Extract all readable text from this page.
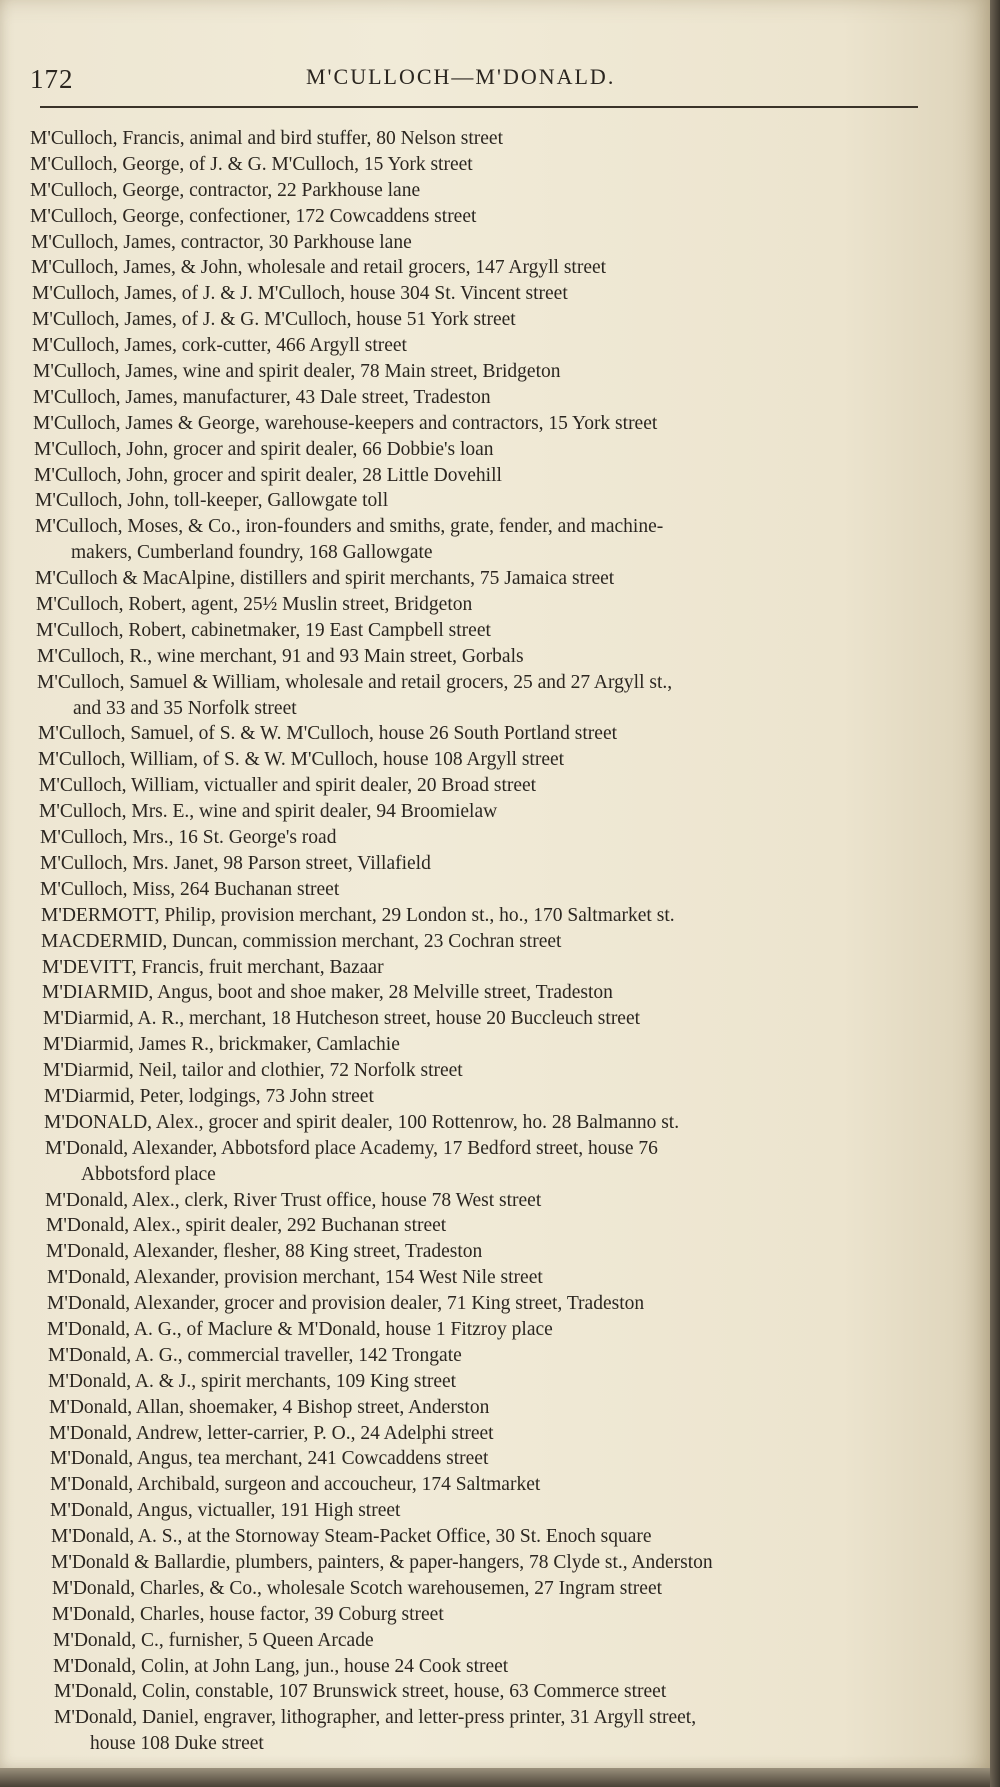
172	M'CULLOCH—M'DONALD.
M'Culloch, Francis, animal and bird stuffer, 80 Nelson street
M'Culloch, George, of J. & G. M'Culloch, 15 York street
M'Culloch, George, contractor, 22 Parkhouse lane
M'Culloch, George, confectioner, 172 Cowcaddens street
M'Culloch, James, contractor, 30 Parkhouse lane
M'Culloch, James, & John, wholesale and retail grocers, 147 Argyll street
M'Culloch, James, of J. & J. M'Culloch, house 304 St. Vincent street
M'Culloch, James, of J. & G. M'Culloch, house 51 York street
M'Culloch, James, cork-cutter, 466 Argyll street
M'Culloch, James, wine and spirit dealer, 78 Main street, Bridgeton
M'Culloch, James, manufacturer, 43 Dale street, Tradeston
M'Culloch, James & George, warehouse-keepers and contractors, 15 York street
M'Culloch, John, grocer and spirit dealer, 66 Dobbie's loan
M'Culloch, John, grocer and spirit dealer, 28 Little Dovehill
M'Culloch, John, toll-keeper, Gallowgate toll
M'Culloch, Moses, & Co., iron-founders and smiths, grate, fender, and machine-
makers, Cumberland foundry, 168 Gallowgate
M'Culloch & MacAlpine, distillers and spirit merchants, 75 Jamaica street
M'Culloch, Robert, agent, 25½ Muslin street, Bridgeton
M'Culloch, Robert, cabinetmaker, 19 East Campbell street
M'Culloch, R., wine merchant, 91 and 93 Main street, Gorbals
M'Culloch, Samuel & William, wholesale and retail grocers, 25 and 27 Argyll st.,
and 33 and 35 Norfolk street
M'Culloch, Samuel, of S. & W. M'Culloch, house 26 South Portland street
M'Culloch, William, of S. & W. M'Culloch, house 108 Argyll street
M'Culloch, William, victualler and spirit dealer, 20 Broad street
M'Culloch, Mrs. E., wine and spirit dealer, 94 Broomielaw
M'Culloch, Mrs., 16 St. George's road
M'Culloch, Mrs. Janet, 98 Parson street, Villafield
M'Culloch, Miss, 264 Buchanan street
M'DERMOTT, Philip, provision merchant, 29 London st., ho., 170 Saltmarket st.
MACDERMID, Duncan, commission merchant, 23 Cochran street
M'DEVITT, Francis, fruit merchant, Bazaar
M'DIARMID, Angus, boot and shoe maker, 28 Melville street, Tradeston
M'Diarmid, A. R., merchant, 18 Hutcheson street, house 20 Buccleuch street
M'Diarmid, James R., brickmaker, Camlachie
M'Diarmid, Neil, tailor and clothier, 72 Norfolk street
M'Diarmid, Peter, lodgings, 73 John street
M'DONALD, Alex., grocer and spirit dealer, 100 Rottenrow, ho. 28 Balmanno st.
M'Donald, Alexander, Abbotsford place Academy, 17 Bedford street, house 76
Abbotsford place
M'Donald, Alex., clerk, River Trust office, house 78 West street
M'Donald, Alex., spirit dealer, 292 Buchanan street
M'Donald, Alexander, flesher, 88 King street, Tradeston
M'Donald, Alexander, provision merchant, 154 West Nile street
M'Donald, Alexander, grocer and provision dealer, 71 King street, Tradeston
M'Donald, A. G., of Maclure & M'Donald, house 1 Fitzroy place
M'Donald, A. G., commercial traveller, 142 Trongate
M'Donald, A. & J., spirit merchants, 109 King street
M'Donald, Allan, shoemaker, 4 Bishop street, Anderston
M'Donald, Andrew, letter-carrier, P. O., 24 Adelphi street
M'Donald, Angus, tea merchant, 241 Cowcaddens street
M'Donald, Archibald, surgeon and accoucheur, 174 Saltmarket
M'Donald, Angus, victualler, 191 High street
M'Donald, A. S., at the Stornoway Steam-Packet Office, 30 St. Enoch square
M'Donald & Ballardie, plumbers, painters, & paper-hangers, 78 Clyde st., Anderston
M'Donald, Charles, & Co., wholesale Scotch warehousemen, 27 Ingram street
M'Donald, Charles, house factor, 39 Coburg street
M'Donald, C., furnisher, 5 Queen Arcade
M'Donald, Colin, at John Lang, jun., house 24 Cook street
M'Donald, Colin, constable, 107 Brunswick street, house, 63 Commerce street
M'Donald, Daniel, engraver, lithographer, and letter-press printer, 31 Argyll street,
house 108 Duke street
